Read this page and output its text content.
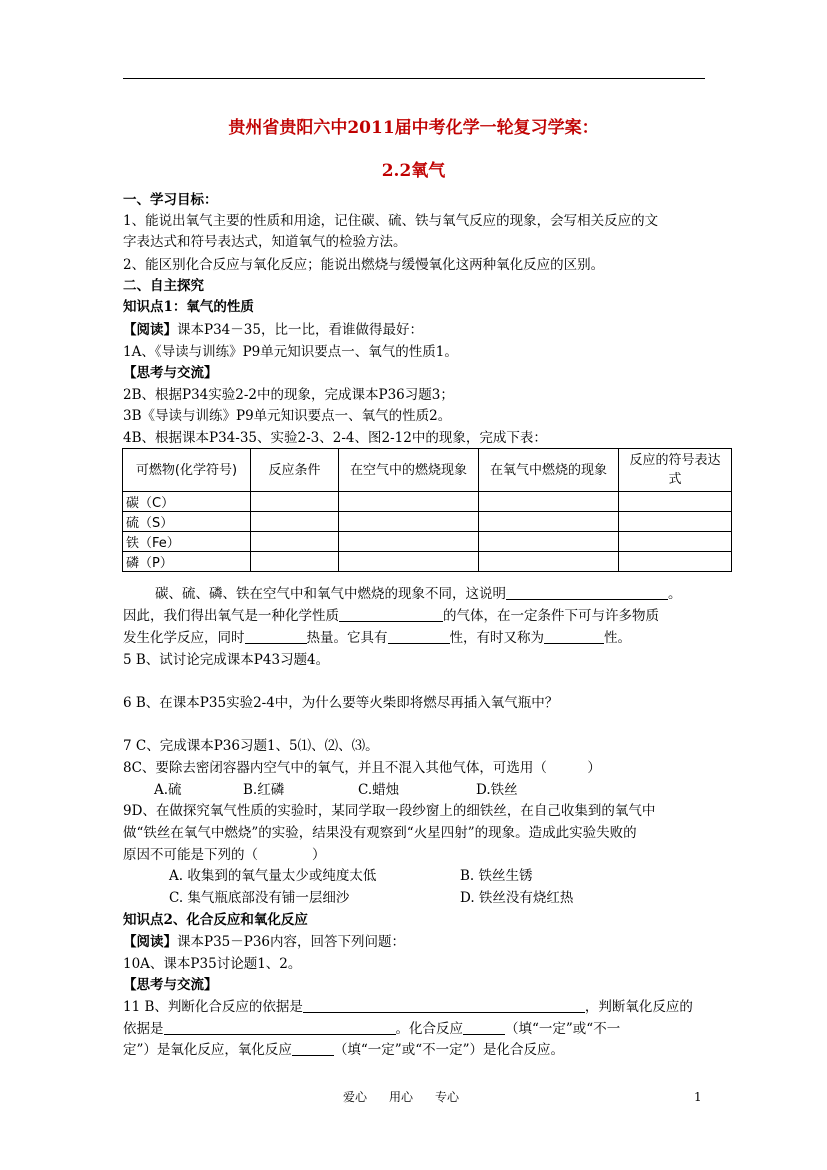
贵州省贵阳六中2011届中考化学一轮复习学案：
2.2氧气
一、学习目标：
1、能说出氧气主要的性质和用途，记住碳、硫、铁与氧气反应的现象，会写相关反应的文
字表达式和符号表达式，知道氧气的检验方法。
2、能区别化合反应与氧化反应；能说出燃烧与缓慢氧化这两种氧化反应的区别。
二、自主探究
知识点1：氧气的性质
【阅读】课本P34－35，比一比，看谁做得最好：
1A、《导读与训练》P9单元知识要点一、氧气的性质1。
【思考与交流】
2B、根据P34实验2-2中的现象，完成课本P36习题3；
3B《导读与训练》P9单元知识要点一、氧气的性质2。
4B、根据课本P34-35、实验2-3、2-4、图2-12中的现象，完成下表：
可燃物(化学符号)	反应条件	在空气中的燃烧现象	在氧气中燃烧的现象	反应的符号表达式
碳（C）				
硫（S）				
铁（Fe）				
磷（P）				
碳、硫、磷、铁在空气中和氧气中燃烧的现象不同，这说明	。
因此，我们得出氧气是一种化学性质	的气体，在一定条件下可与许多物质
发生化学反应，同时	热量。它具有	性，有时又称为	性。
5 B、试讨论完成课本P43习题4。
6 B、在课本P35实验2-4中，为什么要等火柴即将燃尽再插入氧气瓶中？
7 C、完成课本P36习题1、5⑴、⑵、⑶。
8C、要除去密闭容器内空气中的氧气，并且不混入其他气体，可选用（　　　）
A.硫	B.红磷	C.蜡烛	D.铁丝
9D、在做探究氧气性质的实验时，某同学取一段纱窗上的细铁丝，在自己收集到的氧气中
做“铁丝在氧气中燃烧”的实验，结果没有观察到“火星四射”的现象。造成此实验失败的
原因不可能是下列的（　　　　）
A. 收集到的氧气量太少或纯度太低	B. 铁丝生锈
C. 集气瓶底部没有铺一层细沙	D. 铁丝没有烧红热
知识点2、化合反应和氧化反应
【阅读】课本P35－P36内容，回答下列问题：
10A、课本P35讨论题1、2。
【思考与交流】
11 B、判断化合反应的依据是	，判断氧化反应的
依据是	。化合反应	（填“一定”或“不一
定”）是氧化反应，氧化反应	（填“一定”或“不一定”）是化合反应。
爱心 用心 专心	1
